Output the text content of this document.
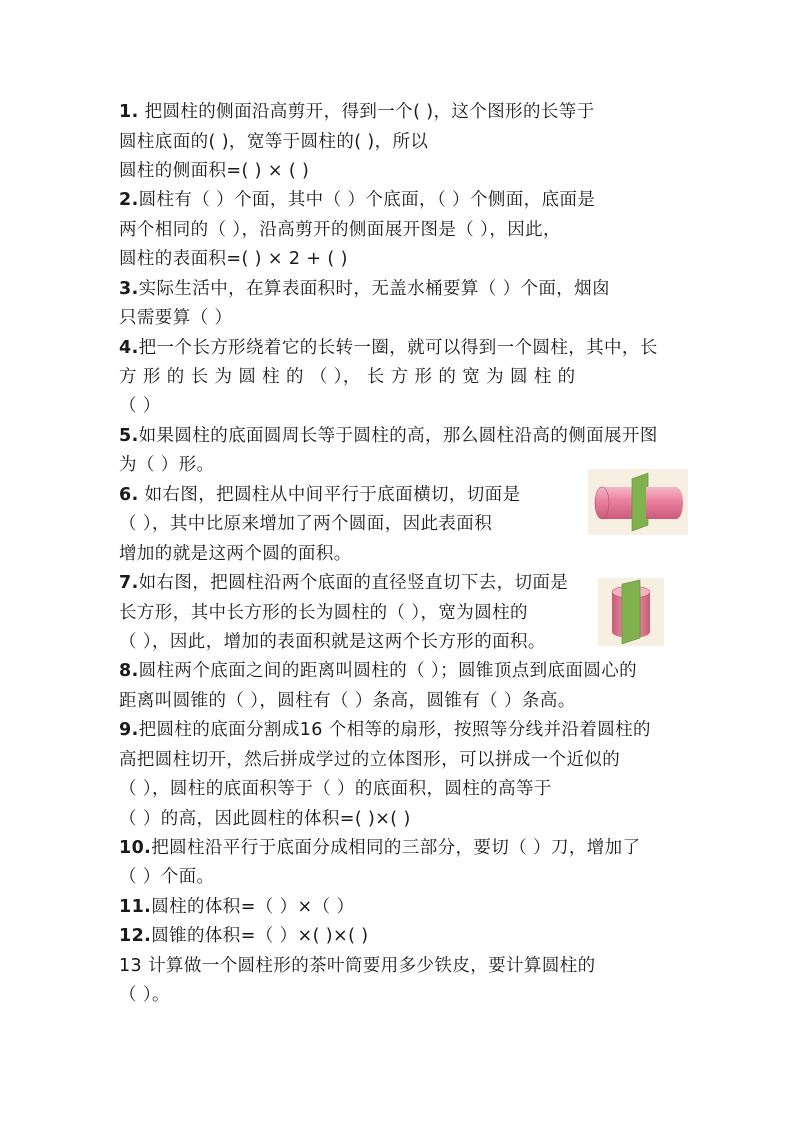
1. 把圆柱的侧面沿高剪开，得到一个( )，这个图形的长等于
圆柱底面的( )，宽等于圆柱的( )，所以
圆柱的侧面积=( ) × ( )
2.圆柱有（ ）个面，其中（ ）个底面，（ ）个侧面，底面是
两个相同的（ ），沿高剪开的侧面展开图是（ ），因此，
圆柱的表面积=( ) × 2 + ( )
3.实际生活中，在算表面积时，无盖水桶要算（ ）个面，烟囱
只需要算（ ）
4.把一个长方形绕着它的长转一圈，就可以得到一个圆柱，其中，长
方 形 的 长 为 圆 柱 的 （ ）， 长 方 形 的 宽 为 圆 柱 的
（ ）
5.如果圆柱的底面圆周长等于圆柱的高，那么圆柱沿高的侧面展开图
为（ ）形。
6. 如右图，把圆柱从中间平行于底面横切，切面是
（ ），其中比原来增加了两个圆面，因此表面积
增加的就是这两个圆的面积。
7.如右图，把圆柱沿两个底面的直径竖直切下去，切面是
长方形，其中长方形的长为圆柱的（ ），宽为圆柱的
（ ），因此，增加的表面积就是这两个长方形的面积。
8.圆柱两个底面之间的距离叫圆柱的（ ）；圆锥顶点到底面圆心的
距离叫圆锥的（ ），圆柱有（ ）条高，圆锥有（ ）条高。
9.把圆柱的底面分割成16 个相等的扇形，按照等分线并沿着圆柱的
高把圆柱切开，然后拼成学过的立体图形，可以拼成一个近似的
（ ），圆柱的底面积等于（ ）的底面积，圆柱的高等于
（ ）的高，因此圆柱的体积=( )×( )
10.把圆柱沿平行于底面分成相同的三部分，要切（ ）刀，增加了
（ ）个面。
11.圆柱的体积=（ ）×（ ）
12.圆锥的体积=（ ）×( )×( )
13 计算做一个圆柱形的茶叶筒要用多少铁皮，要计算圆柱的
（ ）。
